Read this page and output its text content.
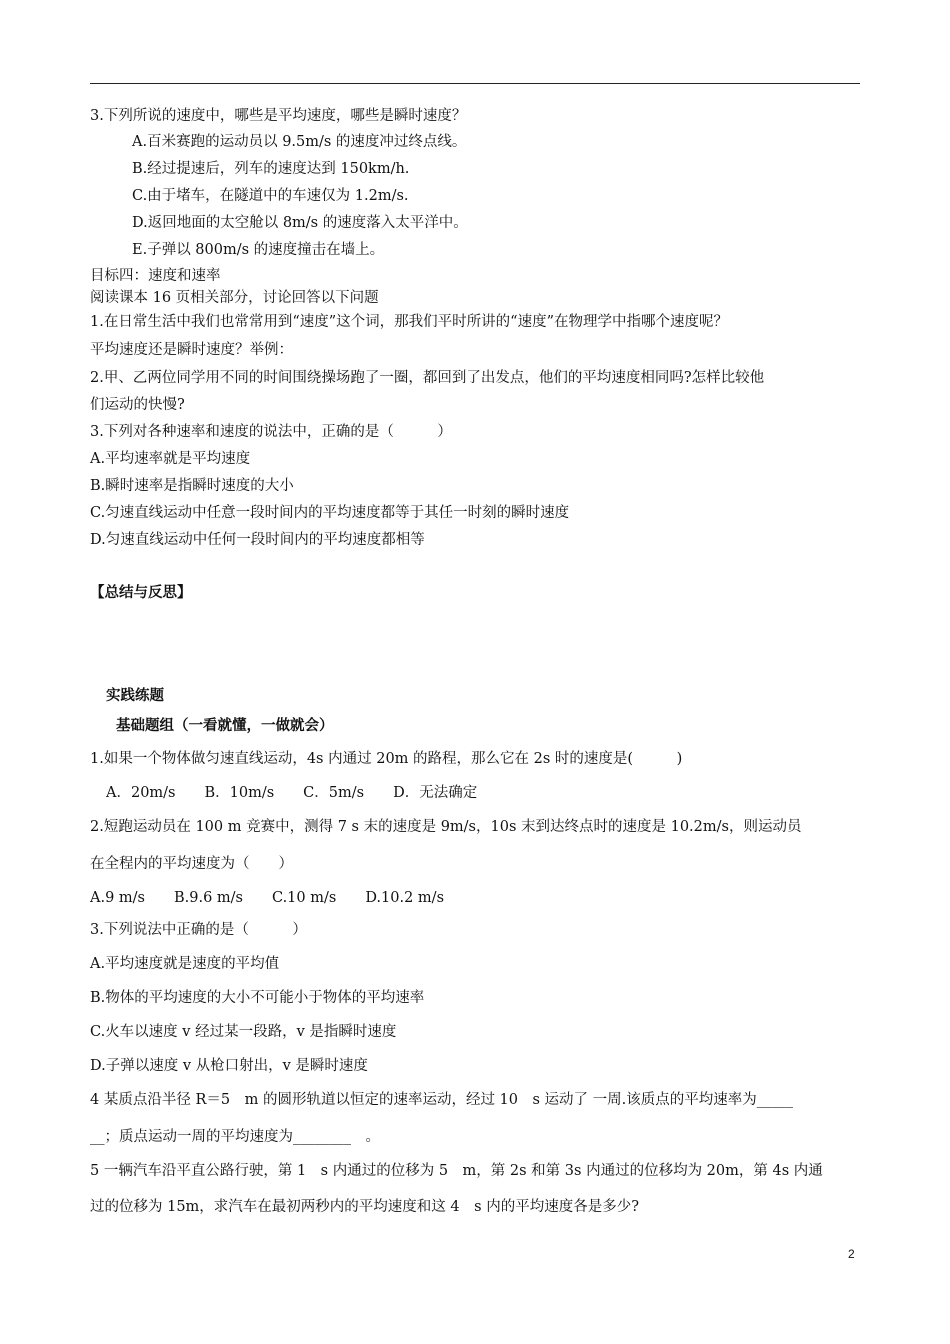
3.下列所说的速度中，哪些是平均速度，哪些是瞬时速度？
A.百米赛跑的运动员以 9.5m/s 的速度冲过终点线。
B.经过提速后，列车的速度达到 150km/h.
C.由于堵车，在隧道中的车速仅为 1.2m/s.
D.返回地面的太空舱以 8m/s 的速度落入太平洋中。
E.子弹以 800m/s 的速度撞击在墙上。
目标四：速度和速率
阅读课本 16 页相关部分，讨论回答以下问题
1.在日常生活中我们也常常用到“速度”这个词，那我们平时所讲的“速度”在物理学中指哪个速度呢？
平均速度还是瞬时速度？举例：
2.甲、乙两位同学用不同的时间围绕操场跑了一圈，都回到了出发点，他们的平均速度相同吗?怎样比较他
们运动的快慢?
3.下列对各种速率和速度的说法中，正确的是（　　　）
A.平均速率就是平均速度
B.瞬时速率是指瞬时速度的大小
C.匀速直线运动中任意一段时间内的平均速度都等于其任一时刻的瞬时速度
D.匀速直线运动中任何一段时间内的平均速度都相等
【总结与反思】
实践练题
基础题组（一看就懂，一做就会）
1.如果一个物体做匀速直线运动，4s 内通过 20m 的路程，那么它在 2s 时的速度是(　　　)
A．20m/s　　B．10m/s　　C．5m/s　　D．无法确定
2.短跑运动员在 100 m 竞赛中，测得 7 s 末的速度是 9m/s，10s 末到达终点时的速度是 10.2m/s，则运动员
在全程内的平均速度为（　　）
A.9 m/s　　B.9.6 m/s　　C.10 m/s　　D.10.2 m/s
3.下列说法中正确的是（　　　）
A.平均速度就是速度的平均值
B.物体的平均速度的大小不可能小于物体的平均速率
C.火车以速度 v 经过某一段路，v 是指瞬时速度
D.子弹以速度 v 从枪口射出，v 是瞬时速度
4 某质点沿半径 R＝5　m 的圆形轨道以恒定的速率运动，经过 10　s 运动了 一周.该质点的平均速率为_____
__；质点运动一周的平均速度为________　。
5 一辆汽车沿平直公路行驶，第 1　s 内通过的位移为 5　m，第 2s 和第 3s 内通过的位移均为 20m，第 4s 内通
过的位移为 15m，求汽车在最初两秒内的平均速度和这 4　s 内的平均速度各是多少?
2
